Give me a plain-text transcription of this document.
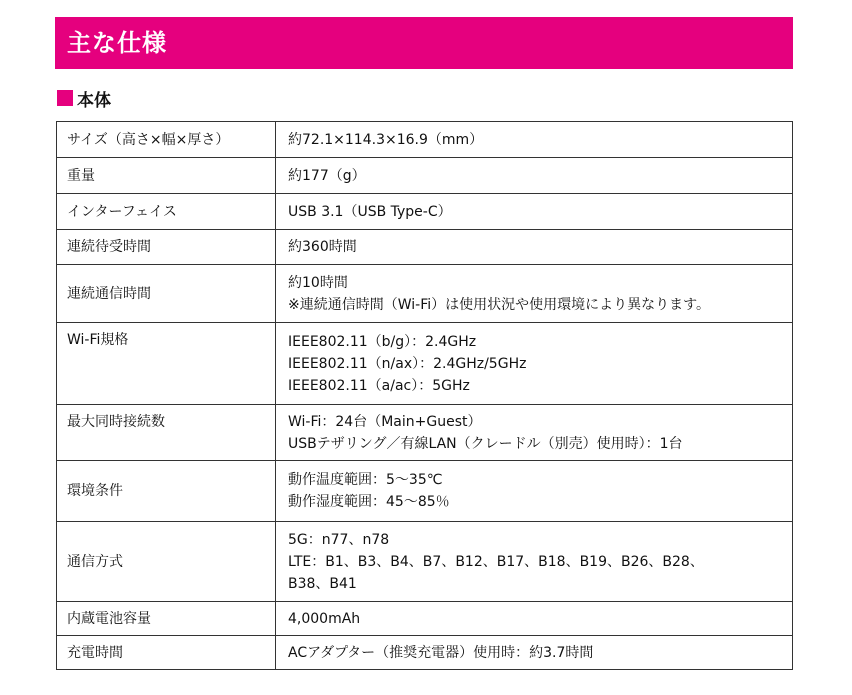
主な仕様
本体
サイズ（高さ×幅×厚さ）	約72.1×114.3×16.9（mm）

重量	約177（g）

インターフェイス	USB 3.1（USB Type-C）

連続待受時間	約360時間

連続通信時間	約10時間
※連続通信時間（Wi-Fi）は使用状況や使用環境により異なります。

Wi-Fi規格	IEEE802.11（b/g）：2.4GHz
IEEE802.11（n/ax）：2.4GHz/5GHz
IEEE802.11（a/ac）：5GHz

最大同時接続数	Wi-Fi：24台（Main+Guest）
USBテザリング／有線LAN（クレードル（別売）使用時）：1台

環境条件	動作温度範囲：5～35℃
動作湿度範囲：45～85％

通信方式	5G：n77、n78
LTE：B1、B3、B4、B7、B12、B17、B18、B19、B26、B28、
B38、B41

内蔵電池容量	4,000mAh

充電時間	ACアダプター（推奨充電器）使用時：約3.7時間
